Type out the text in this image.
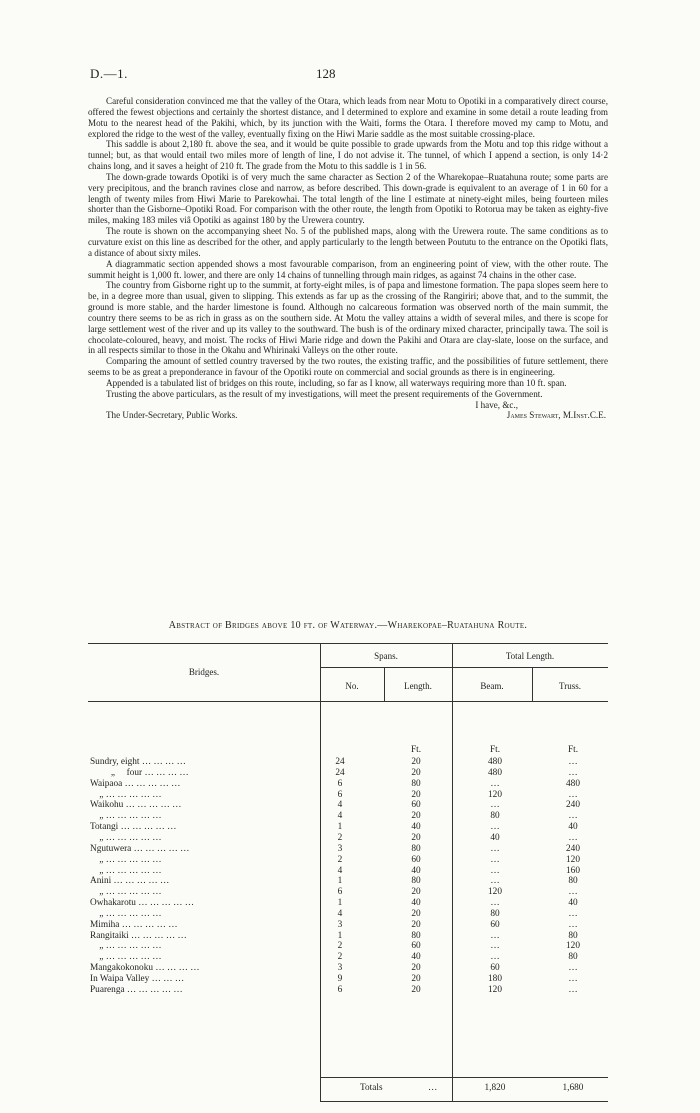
D.—1.	128

Careful consideration convinced me that the valley of the Otara, which leads from near Motu to Opotiki in a comparatively direct course, offered the fewest objections and certainly the shortest distance, and I determined to explore and examine in some detail a route leading from Motu to the nearest head of the Pakihi, which, by its junction with the Waiti, forms the Otara. I therefore moved my camp to Motu, and explored the ridge to the west of the valley, eventually fixing on the Hiwi Marie saddle as the most suitable crossing-place.

This saddle is about 2,180 ft. above the sea, and it would be quite possible to grade upwards from the Motu and top this ridge without a tunnel; but, as that would entail two miles more of length of line, I do not advise it. The tunnel, of which I append a section, is only 14·2 chains long, and it saves a height of 210 ft. The grade from the Motu to this saddle is 1 in 56.

The down-grade towards Opotiki is of very much the same character as Section 2 of the Wharekopae–Ruatahuna route; some parts are very precipitous, and the branch ravines close and narrow, as before described. This down-grade is equivalent to an average of 1 in 60 for a length of twenty miles from Hiwi Marie to Parekowhai. The total length of the line I estimate at ninety-eight miles, being fourteen miles shorter than the Gisborne–Opotiki Road. For comparison with the other route, the length from Opotiki to Rotorua may be taken as eighty-five miles, making 183 miles viâ Opotiki as against 180 by the Urewera country.

The route is shown on the accompanying sheet No. 5 of the published maps, along with the Urewera route. The same conditions as to curvature exist on this line as described for the other, and apply particularly to the length between Poututu to the entrance on the Opotiki flats, a distance of about sixty miles.

A diagrammatic section appended shows a most favourable comparison, from an engineering point of view, with the other route. The summit height is 1,000 ft. lower, and there are only 14 chains of tunnelling through main ridges, as against 74 chains in the other case.

The country from Gisborne right up to the summit, at forty-eight miles, is of papa and limestone formation. The papa slopes seem here to be, in a degree more than usual, given to slipping. This extends as far up as the crossing of the Rangiriri; above that, and to the summit, the ground is more stable, and the harder limestone is found. Although no calcareous formation was observed north of the main summit, the country there seems to be as rich in grass as on the southern side. At Motu the valley attains a width of several miles, and there is scope for large settlement west of the river and up its valley to the southward. The bush is of the ordinary mixed character, principally tawa. The soil is chocolate-coloured, heavy, and moist. The rocks of Hiwi Marie ridge and down the Pakihi and Otara are clay-slate, loose on the surface, and in all respects similar to those in the Okahu and Whirinaki Valleys on the other route.

Comparing the amount of settled country traversed by the two routes, the existing traffic, and the possibilities of future settlement, there seems to be as great a preponderance in favour of the Opotiki route on commercial and social grounds as there is in engineering.

Appended is a tabulated list of bridges on this route, including, so far as I know, all waterways requiring more than 10 ft. span.

Trusting the above particulars, as the result of my investigations, will meet the present requirements of the Government.

I have, &c.,
The Under-Secretary, Public Works.	James Stewart, M.Inst.C.E.
Abstract of Bridges above 10 ft. of Waterway.—Wharekopae–Ruatahuna Route.
Bridges.
Spans.	Total Length.
No.	Length.	Beam.	Truss.
Ft.	Ft.	Ft.
Sundry, eight … … … …	24	20	480	…
„     four … … … …	24	20	480	…
Waipaoa … … … … …	6	80	…	480
„ … … … … …	6	20	120	…
Waikohu … … … … …	4	60	…	240
„ … … … … …	4	20	80	…
Totangi … … … … …	1	40	…	40
„ … … … … …	2	20	40	…
Ngutuwera … … … … …	3	80	…	240
„ … … … … …	2	60	…	120
„ … … … … …	4	40	…	160
Anini … … … … …	1	80	…	80
„ … … … … …	6	20	120	…
Owhakarotu … … … … …	1	40	…	40
„ … … … … …	4	20	80	…
Mimiha … … … … …	3	20	60	…
Rangitaiki … … … … …	1	80	…	80
„ … … … … …	2	60	…	120
„ … … … … …	2	40	…	80
Mangakokonoku … … … …	3	20	60	…
In Waipa Valley … … …	9	20	180	…
Puarenga … … … … …	6	20	120	…
Totals	…	1,820	1,680
